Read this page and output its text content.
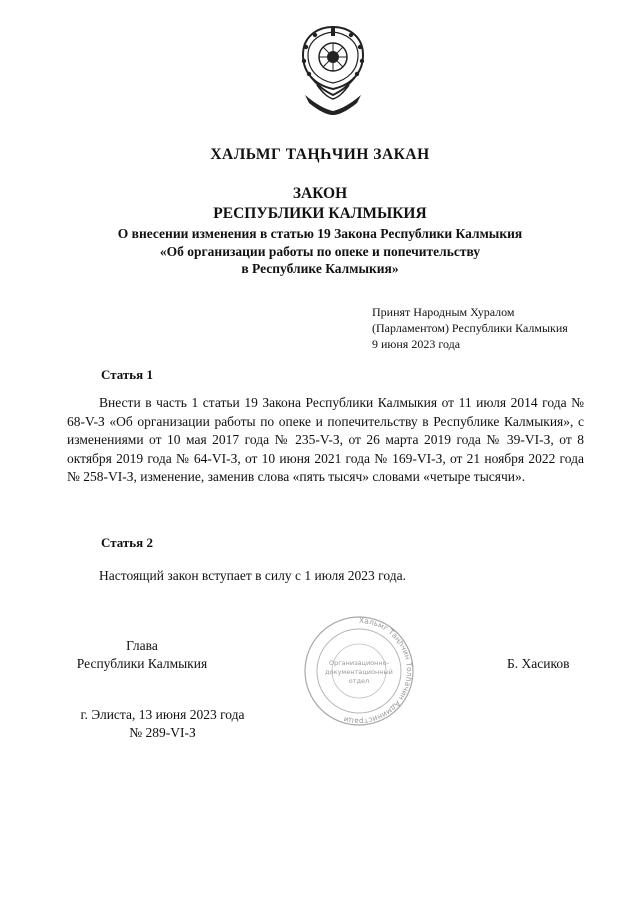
ХАЛЬМГ ТАҢҺЧИН ЗАКАН
ЗАКОН
РЕСПУБЛИКИ КАЛМЫКИЯ
О внесении изменения в статью 19 Закона Республики Калмыкия
«Об организации работы по опеке и попечительству
в Республике Калмыкия»
Принят Народным Хуралом
(Парламентом) Республики Калмыкия
9 июня 2023 года
Статья 1
Внести в часть 1 статьи 19 Закона Республики Калмыкия от 11 июля 2014 года № 68-V-З «Об организации работы по опеке и попечительству в Республике Калмыкия», с изменениями от 10 мая 2017 года № 235-V-З, от 26 марта 2019 года № 39-VI-З, от 8 октября 2019 года № 64-VI-З, от 10 июня 2021 года № 169-VI-З, от 21 ноября 2022 года № 258-VI-З, изменение, заменив слова «пять тысяч» словами «четыре тысячи».
Статья 2
Настоящий закон вступает в силу с 1 июля 2023 года.
Глава
Республики Калмыкия	Б. Хасиков
г. Элиста, 13 июня 2023 года
№ 289-VI-З
Хальмг Таңһчин Толһачин Администраци
Организационно-
документационный
отдел
